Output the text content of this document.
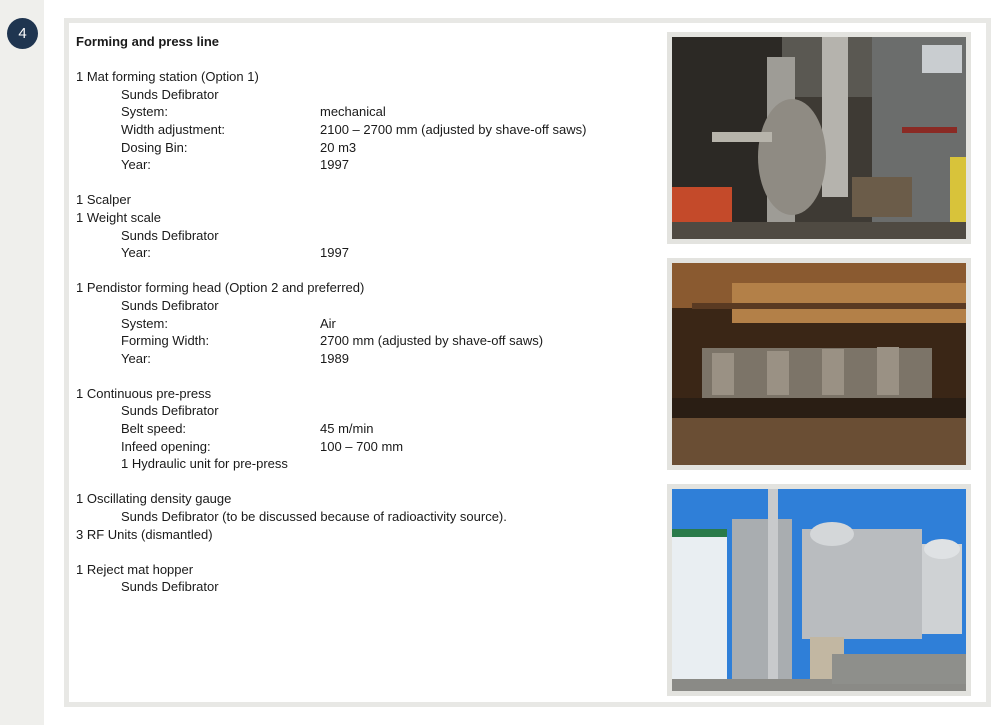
4	Forming and press line
1 Mat forming station (Option 1)
Sunds Defibrator
System:	mechanical
Width adjustment:	2100 – 2700 mm (adjusted by shave-off saws)
Dosing Bin:	20 m3
Year:	1997
1 Scalper
1 Weight scale
Sunds Defibrator
Year:	1997
1 Pendistor forming head (Option 2 and preferred)
Sunds Defibrator
System:	Air
Forming Width:	2700 mm (adjusted by shave-off saws)
Year:	1989
1 Continuous pre-press
Sunds Defibrator
Belt speed:	45 m/min
Infeed opening:	100 – 700 mm
1 Hydraulic unit for pre-press
1 Oscillating density gauge
Sunds Defibrator (to be discussed because of radioactivity source).
3 RF Units (dismantled)
1 Reject mat hopper
Sunds Defibrator
